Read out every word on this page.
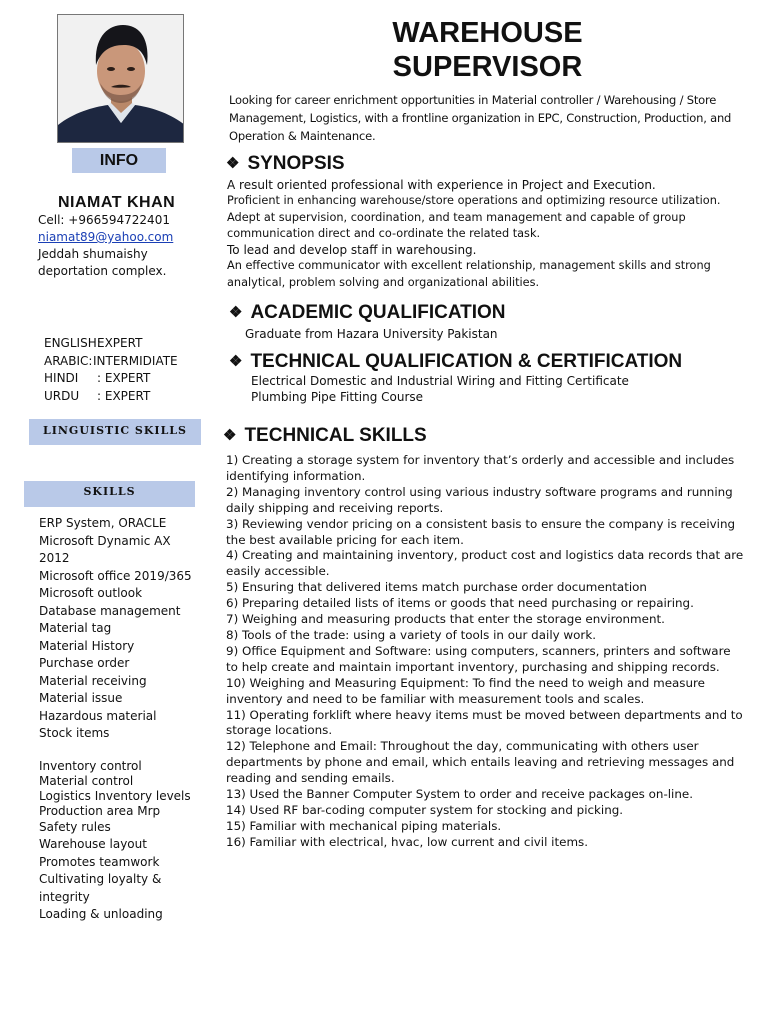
INFO
NIAMAT KHAN
Cell: +966594722401
niamat89@yahoo.com
Jeddah shumaishy
deportation complex.
ENGLISH:EXPERT
ARABIC:INTERMIDIATE
HINDI : EXPERT
URDU : EXPERT
LINGUISTIC SKILLS
SKILLS
ERP System, ORACLE
Microsoft Dynamic AX 2012
Microsoft office 2019/365
Microsoft outlook
Database management
Material tag
Material History
Purchase order
Material receiving
Material issue
Hazardous material
Stock items
Inventory control
Material control
Logistics Inventory levels Production area Mrp
Safety rules
Warehouse layout
Promotes teamwork
Cultivating loyalty & integrity
Loading & unloading
WAREHOUSE
SUPERVISOR
Looking for career enrichment opportunities in Material controller / Warehousing / Store Management, Logistics, with a frontline organization in EPC, Construction, Production, and Operation & Maintenance.
❖ SYNOPSIS
A result oriented professional with experience in Project and Execution.
Proficient in enhancing warehouse/store operations and optimizing resource utilization.
Adept at supervision, coordination, and team management and capable of group communication direct and co-ordinate the related task.
To lead and develop staff in warehousing.
An effective communicator with excellent relationship, management skills and strong analytical, problem solving and organizational abilities.
❖ ACADEMIC QUALIFICATION
Graduate from Hazara University Pakistan
❖ TECHNICAL QUALIFICATION & CERTIFICATION
Electrical Domestic and Industrial Wiring and Fitting Certificate
Plumbing Pipe Fitting Course
❖ TECHNICAL SKILLS
1) Creating a storage system for inventory that’s orderly and accessible and includes identifying information.
2) Managing inventory control using various industry software programs and running daily shipping and receiving reports.
3) Reviewing vendor pricing on a consistent basis to ensure the company is receiving the best available pricing for each item.
4) Creating and maintaining inventory, product cost and logistics data records that are easily accessible.
5) Ensuring that delivered items match purchase order documentation
6) Preparing detailed lists of items or goods that need purchasing or repairing.
7) Weighing and measuring products that enter the storage environment.
8) Tools of the trade: using a variety of tools in our daily work.
9) Office Equipment and Software: using computers, scanners, printers and software to help create and maintain important inventory, purchasing and shipping records.
10) Weighing and Measuring Equipment: To find the need to weigh and measure inventory and need to be familiar with measurement tools and scales.
11) Operating forklift where heavy items must be moved between departments and to storage locations.
12) Telephone and Email: Throughout the day, communicating with others user departments by phone and email, which entails leaving and retrieving messages and reading and sending emails.
13) Used the Banner Computer System to order and receive packages on-line.
14) Used RF bar-coding computer system for stocking and picking.
15) Familiar with mechanical piping materials.
16) Familiar with electrical, hvac, low current and civil items.
